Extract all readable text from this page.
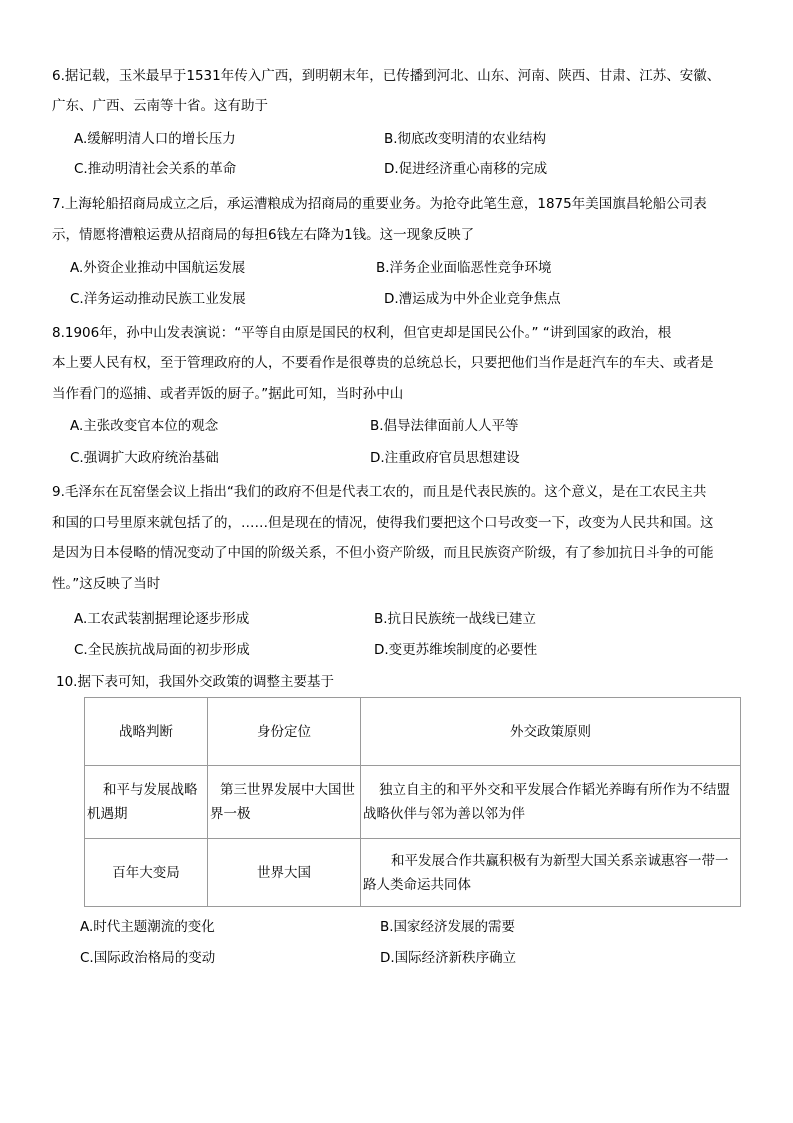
6.据记载，玉米最早于1531年传入广西，到明朝末年，已传播到河北、山东、河南、陕西、甘肃、江苏、安徽、
广东、广西、云南等十省。这有助于
A.缓解明清人口的增长压力	B.彻底改变明清的农业结构
C.推动明清社会关系的革命	D.促进经济重心南移的完成
7.上海轮船招商局成立之后，承运漕粮成为招商局的重要业务。为抢夺此笔生意，1875年美国旗昌轮船公司表
示，情愿将漕粮运费从招商局的每担6钱左右降为1钱。这一现象反映了
A.外资企业推动中国航运发展	B.洋务企业面临恶性竞争环境
C.洋务运动推动民族工业发展	D.漕运成为中外企业竞争焦点
8.1906年，孙中山发表演说：“平等自由原是国民的权利，但官吏却是国民公仆。” “讲到国家的政治，根
本上要人民有权，至于管理政府的人，不要看作是很尊贵的总统总长，只要把他们当作是赶汽车的车夫、或者是
当作看门的巡捕、或者弄饭的厨子。”据此可知，当时孙中山
A.主张改变官本位的观念	B.倡导法律面前人人平等
C.强调扩大政府统治基础	D.注重政府官员思想建设
9.毛泽东在瓦窑堡会议上指出“我们的政府不但是代表工农的，而且是代表民族的。这个意义，是在工农民主共
和国的口号里原来就包括了的，……但是现在的情况，使得我们要把这个口号改变一下，改变为人民共和国。这
是因为日本侵略的情况变动了中国的阶级关系，不但小资产阶级，而且民族资产阶级，有了参加抗日斗争的可能
性。”这反映了当时
A.工农武装割据理论逐步形成	B.抗日民族统一战线已建立
C.全民族抗战局面的初步形成	D.变更苏维埃制度的必要性
10.据下表可知，我国外交政策的调整主要基于
战略判断	身份定位	外交政策原则
和平与发展战略机遇期	第三世界发展中大国世界一极	独立自主的和平外交和平发展合作韬光养晦有所作为不结盟战略伙伴与邻为善以邻为伴
百年大变局	世界大国	和平发展合作共赢积极有为新型大国关系亲诚惠容一带一路人类命运共同体
A.时代主题潮流的变化	B.国家经济发展的需要
C.国际政治格局的变动	D.国际经济新秩序确立
